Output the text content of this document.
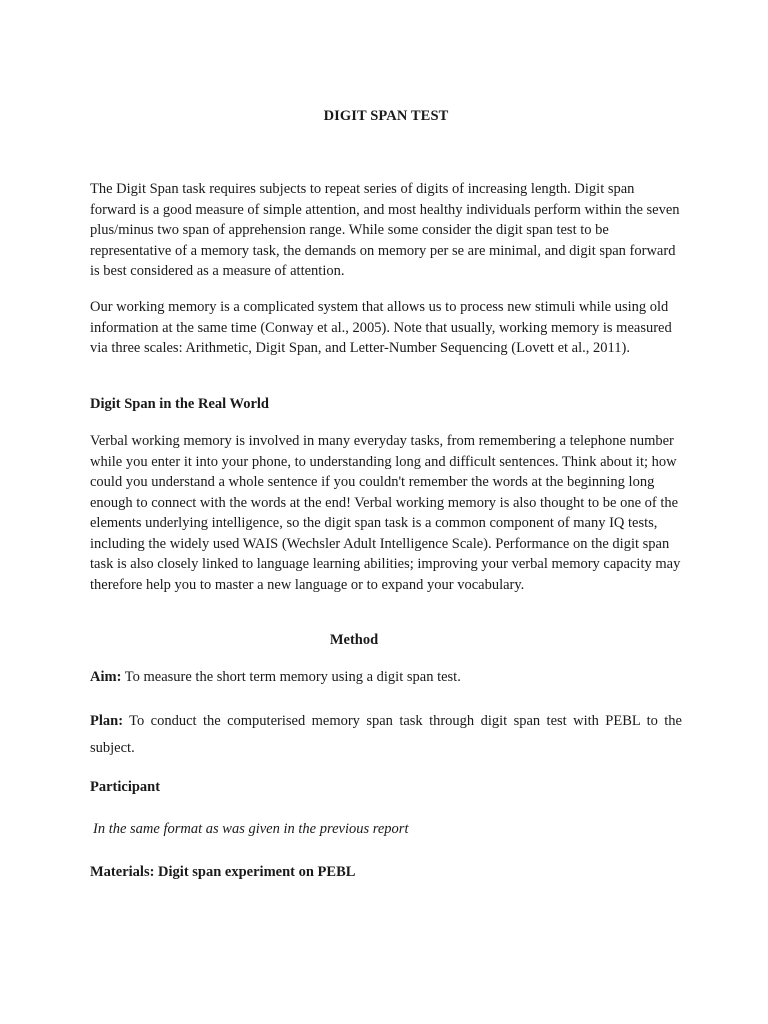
DIGIT SPAN TEST

The Digit Span task requires subjects to repeat series of digits of increasing length. Digit span forward is a good measure of simple attention, and most healthy individuals perform within the seven plus/minus two span of apprehension range. While some consider the digit span test to be representative of a memory task, the demands on memory per se are minimal, and digit span forward is best considered as a measure of attention.

Our working memory is a complicated system that allows us to process new stimuli while using old information at the same time (Conway et al., 2005). Note that usually, working memory is measured via three scales: Arithmetic, Digit Span, and Letter-Number Sequencing (Lovett et al., 2011).

Digit Span in the Real World

Verbal working memory is involved in many everyday tasks, from remembering a telephone number while you enter it into your phone, to understanding long and difficult sentences. Think about it; how could you understand a whole sentence if you couldn't remember the words at the beginning long enough to connect with the words at the end! Verbal working memory is also thought to be one of the elements underlying intelligence, so the digit span task is a common component of many IQ tests, including the widely used WAIS (Wechsler Adult Intelligence Scale). Performance on the digit span task is also closely linked to language learning abilities; improving your verbal memory capacity may therefore help you to master a new language or to expand your vocabulary.

Method

Aim: To measure the short term memory using a digit span test.

Plan: To conduct the computerised memory span task through digit span test with PEBL to the subject.

Participant

In the same format as was given in the previous report

Materials: Digit span experiment on PEBL
